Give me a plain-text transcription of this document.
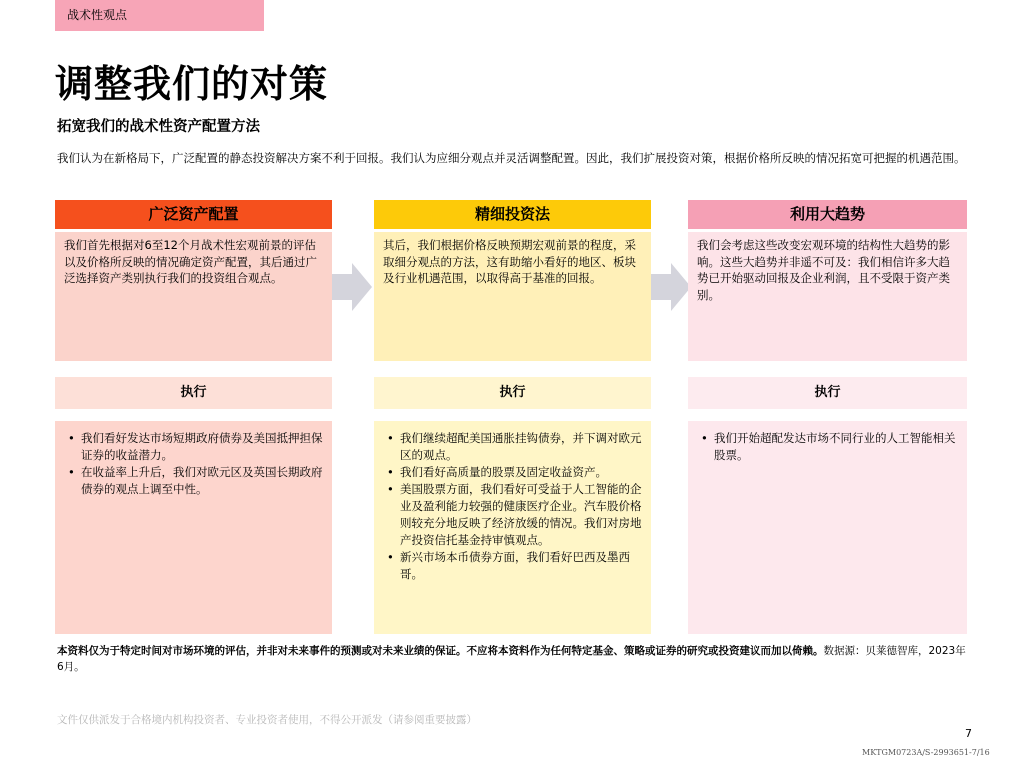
战术性观点
调整我们的对策
拓宽我们的战术性资产配置方法

我们认为在新格局下，广泛配置的静态投资解决方案不利于回报。我们认为应细分观点并灵活调整配置。因此，我们扩展投资对策，根据价格所反映的情况拓宽可把握的机遇范围。

广泛资产配置
我们首先根据对6至12个月战术性宏观前景的评估以及价格所反映的情况确定资产配置，其后通过广泛选择资产类别执行我们的投资组合观点。
执行
• 我们看好发达市场短期政府债券及美国抵押担保证券的收益潜力。
• 在收益率上升后，我们对欧元区及英国长期政府债券的观点上调至中性。
精细投资法
其后，我们根据价格反映预期宏观前景的程度，采取细分观点的方法，这有助缩小看好的地区、板块及行业机遇范围，以取得高于基准的回报。
执行
• 我们继续超配美国通胀挂钩债券，并下调对欧元区的观点。
• 我们看好高质量的股票及固定收益资产。
• 美国股票方面，我们看好可受益于人工智能的企业及盈利能力较强的健康医疗企业。汽车股价格则较充分地反映了经济放缓的情况。我们对房地产投资信托基金持审慎观点。
• 新兴市场本币债券方面，我们看好巴西及墨西哥。
利用大趋势
我们会考虑这些改变宏观环境的结构性大趋势的影响。这些大趋势并非遥不可及：我们相信许多大趋势已开始驱动回报及企业利润，且不受限于资产类别。
执行
• 我们开始超配发达市场不同行业的人工智能相关股票。

本资料仅为于特定时间对市场环境的评估，并非对未来事件的预测或对未来业绩的保证。不应将本资料作为任何特定基金、策略或证券的研究或投资建议而加以倚赖。数据源：贝莱德智库，2023年6月。

文件仅供派发于合格境内机构投资者、专业投资者使用，不得公开派发（请参阅重要披露）
7
MKTGM0723A/S-2993651-7/16
